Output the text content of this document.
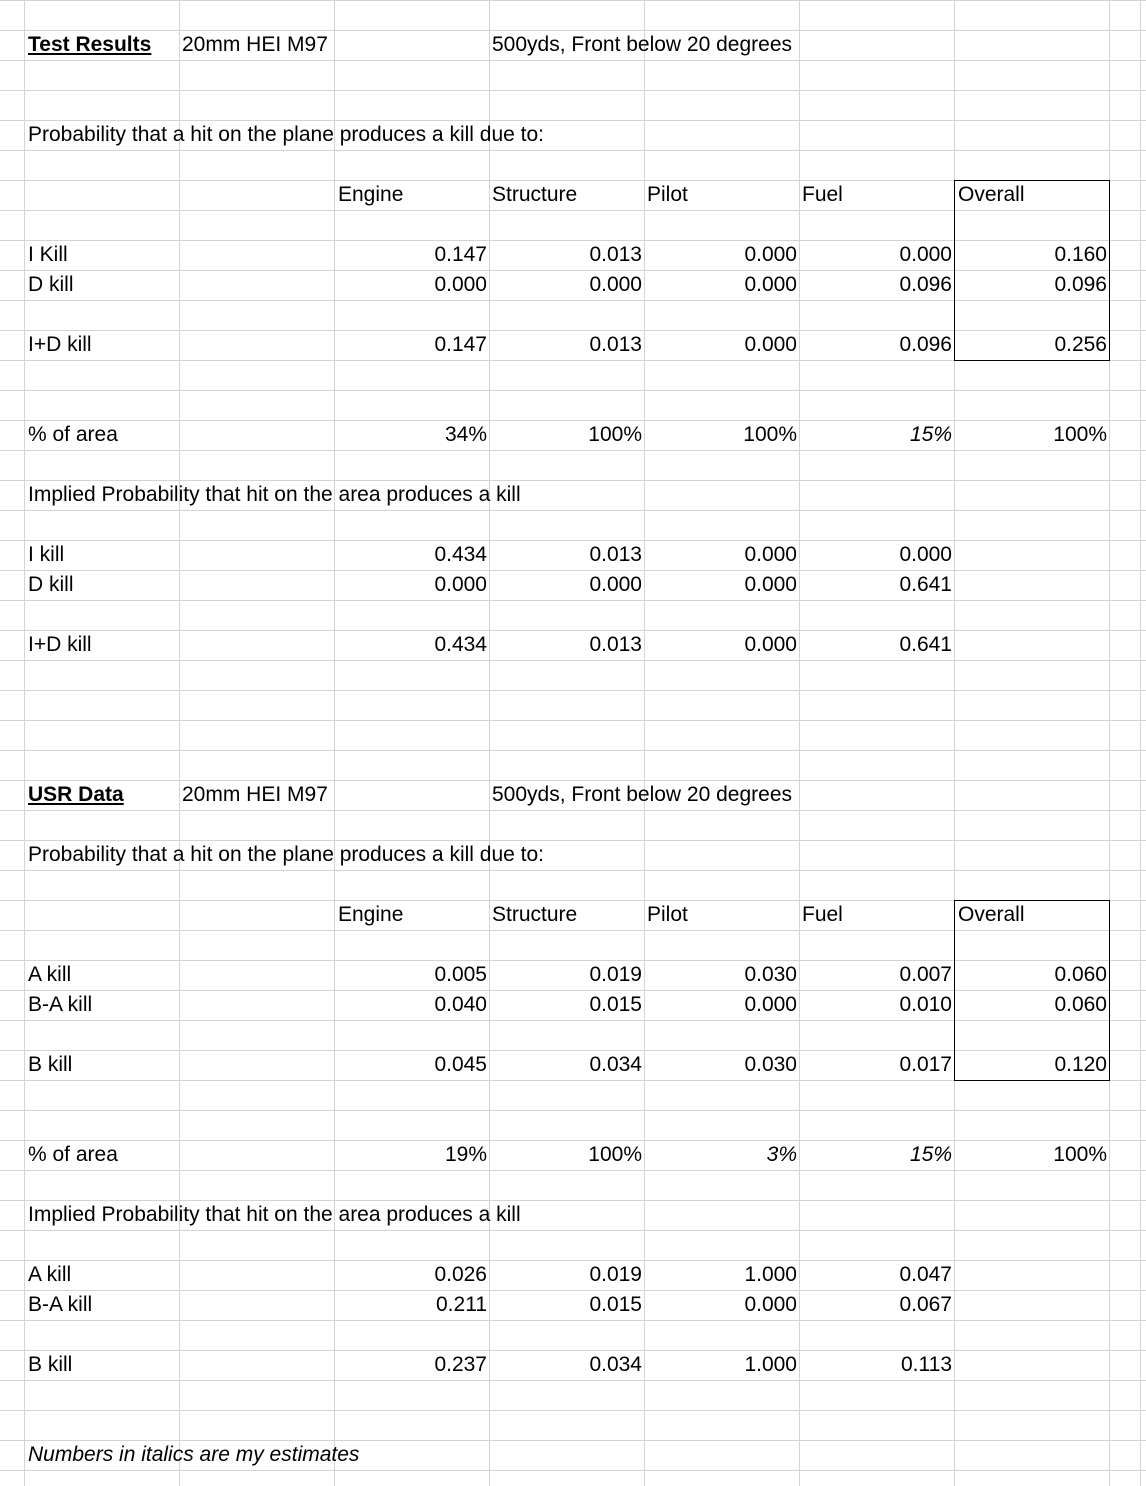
Test Results 20mm HEI M97	500yds, Front below 20 degrees
Probability that a hit on the plane produces a kill due to:
Engine	Structure	Pilot	Fuel	Overall
I Kill	0.147	0.013	0.000	0.000	0.160
D kill	0.000	0.000	0.000	0.096	0.096
I+D kill	0.147	0.013	0.000	0.096	0.256
% of area	34%	100%	100%	15%	100%
Implied Probability that hit on the area produces a kill
I kill	0.434	0.013	0.000	0.000
D kill	0.000	0.000	0.000	0.641
I+D kill	0.434	0.013	0.000	0.641
USR Data	20mm HEI M97	500yds, Front below 20 degrees
Probability that a hit on the plane produces a kill due to:
Engine	Structure	Pilot	Fuel	Overall
A kill	0.005	0.019	0.030	0.007	0.060
B-A kill	0.040	0.015	0.000	0.010	0.060
B kill	0.045	0.034	0.030	0.017	0.120
% of area	19%	100%	3%	15%	100%
Implied Probability that hit on the area produces a kill
A kill	0.026	0.019	1.000	0.047
B-A kill	0.211	0.015	0.000	0.067
B kill	0.237	0.034	1.000	0.113
Numbers in italics are my estimates
